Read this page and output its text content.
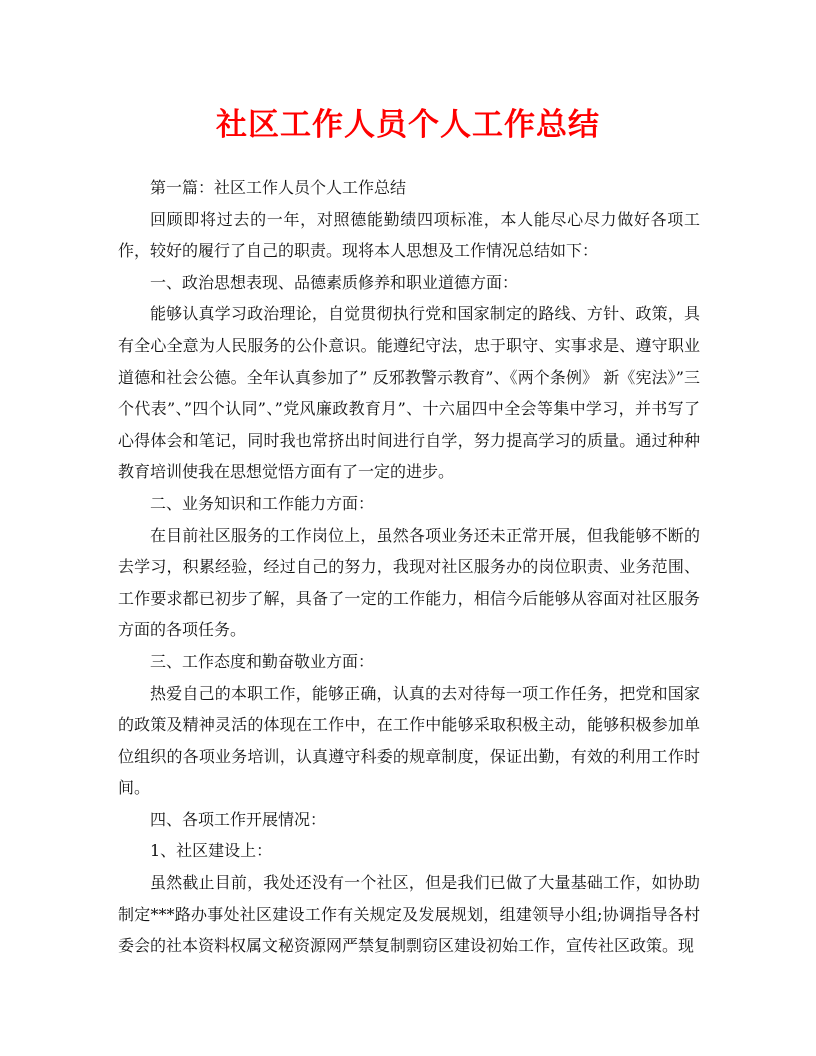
社区工作人员个人工作总结

第一篇：社区工作人员个人工作总结

回顾即将过去的一年，对照德能勤绩四项标准，本人能尽心尽力做好各项工作，较好的履行了自己的职责。现将本人思想及工作情况总结如下：

一、政治思想表现、品德素质修养和职业道德方面：

能够认真学习政治理论，自觉贯彻执行党和国家制定的路线、方针、政策，具有全心全意为人民服务的公仆意识。能遵纪守法，忠于职守、实事求是、遵守职业道德和社会公德。全年认真参加了” 反邪教警示教育”、《两个条例》 新《宪法》”三个代表”、”四个认同”、”党风廉政教育月”、十六届四中全会等集中学习，并书写了心得体会和笔记，同时我也常挤出时间进行自学，努力提高学习的质量。通过种种教育培训使我在思想觉悟方面有了一定的进步。

二、业务知识和工作能力方面：

在目前社区服务的工作岗位上，虽然各项业务还未正常开展，但我能够不断的去学习，积累经验，经过自己的努力，我现对社区服务办的岗位职责、业务范围、工作要求都已初步了解，具备了一定的工作能力，相信今后能够从容面对社区服务方面的各项任务。

三、工作态度和勤奋敬业方面：

热爱自己的本职工作，能够正确，认真的去对待每一项工作任务，把党和国家的政策及精神灵活的体现在工作中，在工作中能够采取积极主动，能够积极参加单位组织的各项业务培训，认真遵守科委的规章制度，保证出勤，有效的利用工作时间。

四、各项工作开展情况：

1、社区建设上：

虽然截止目前，我处还没有一个社区，但是我们已做了大量基础工作，如协助制定***路办事处社区建设工作有关规定及发展规划，组建领导小组;协调指导各村委会的社本资料权属文秘资源网严禁复制剽窃区建设初始工作，宣传社区政策。现
